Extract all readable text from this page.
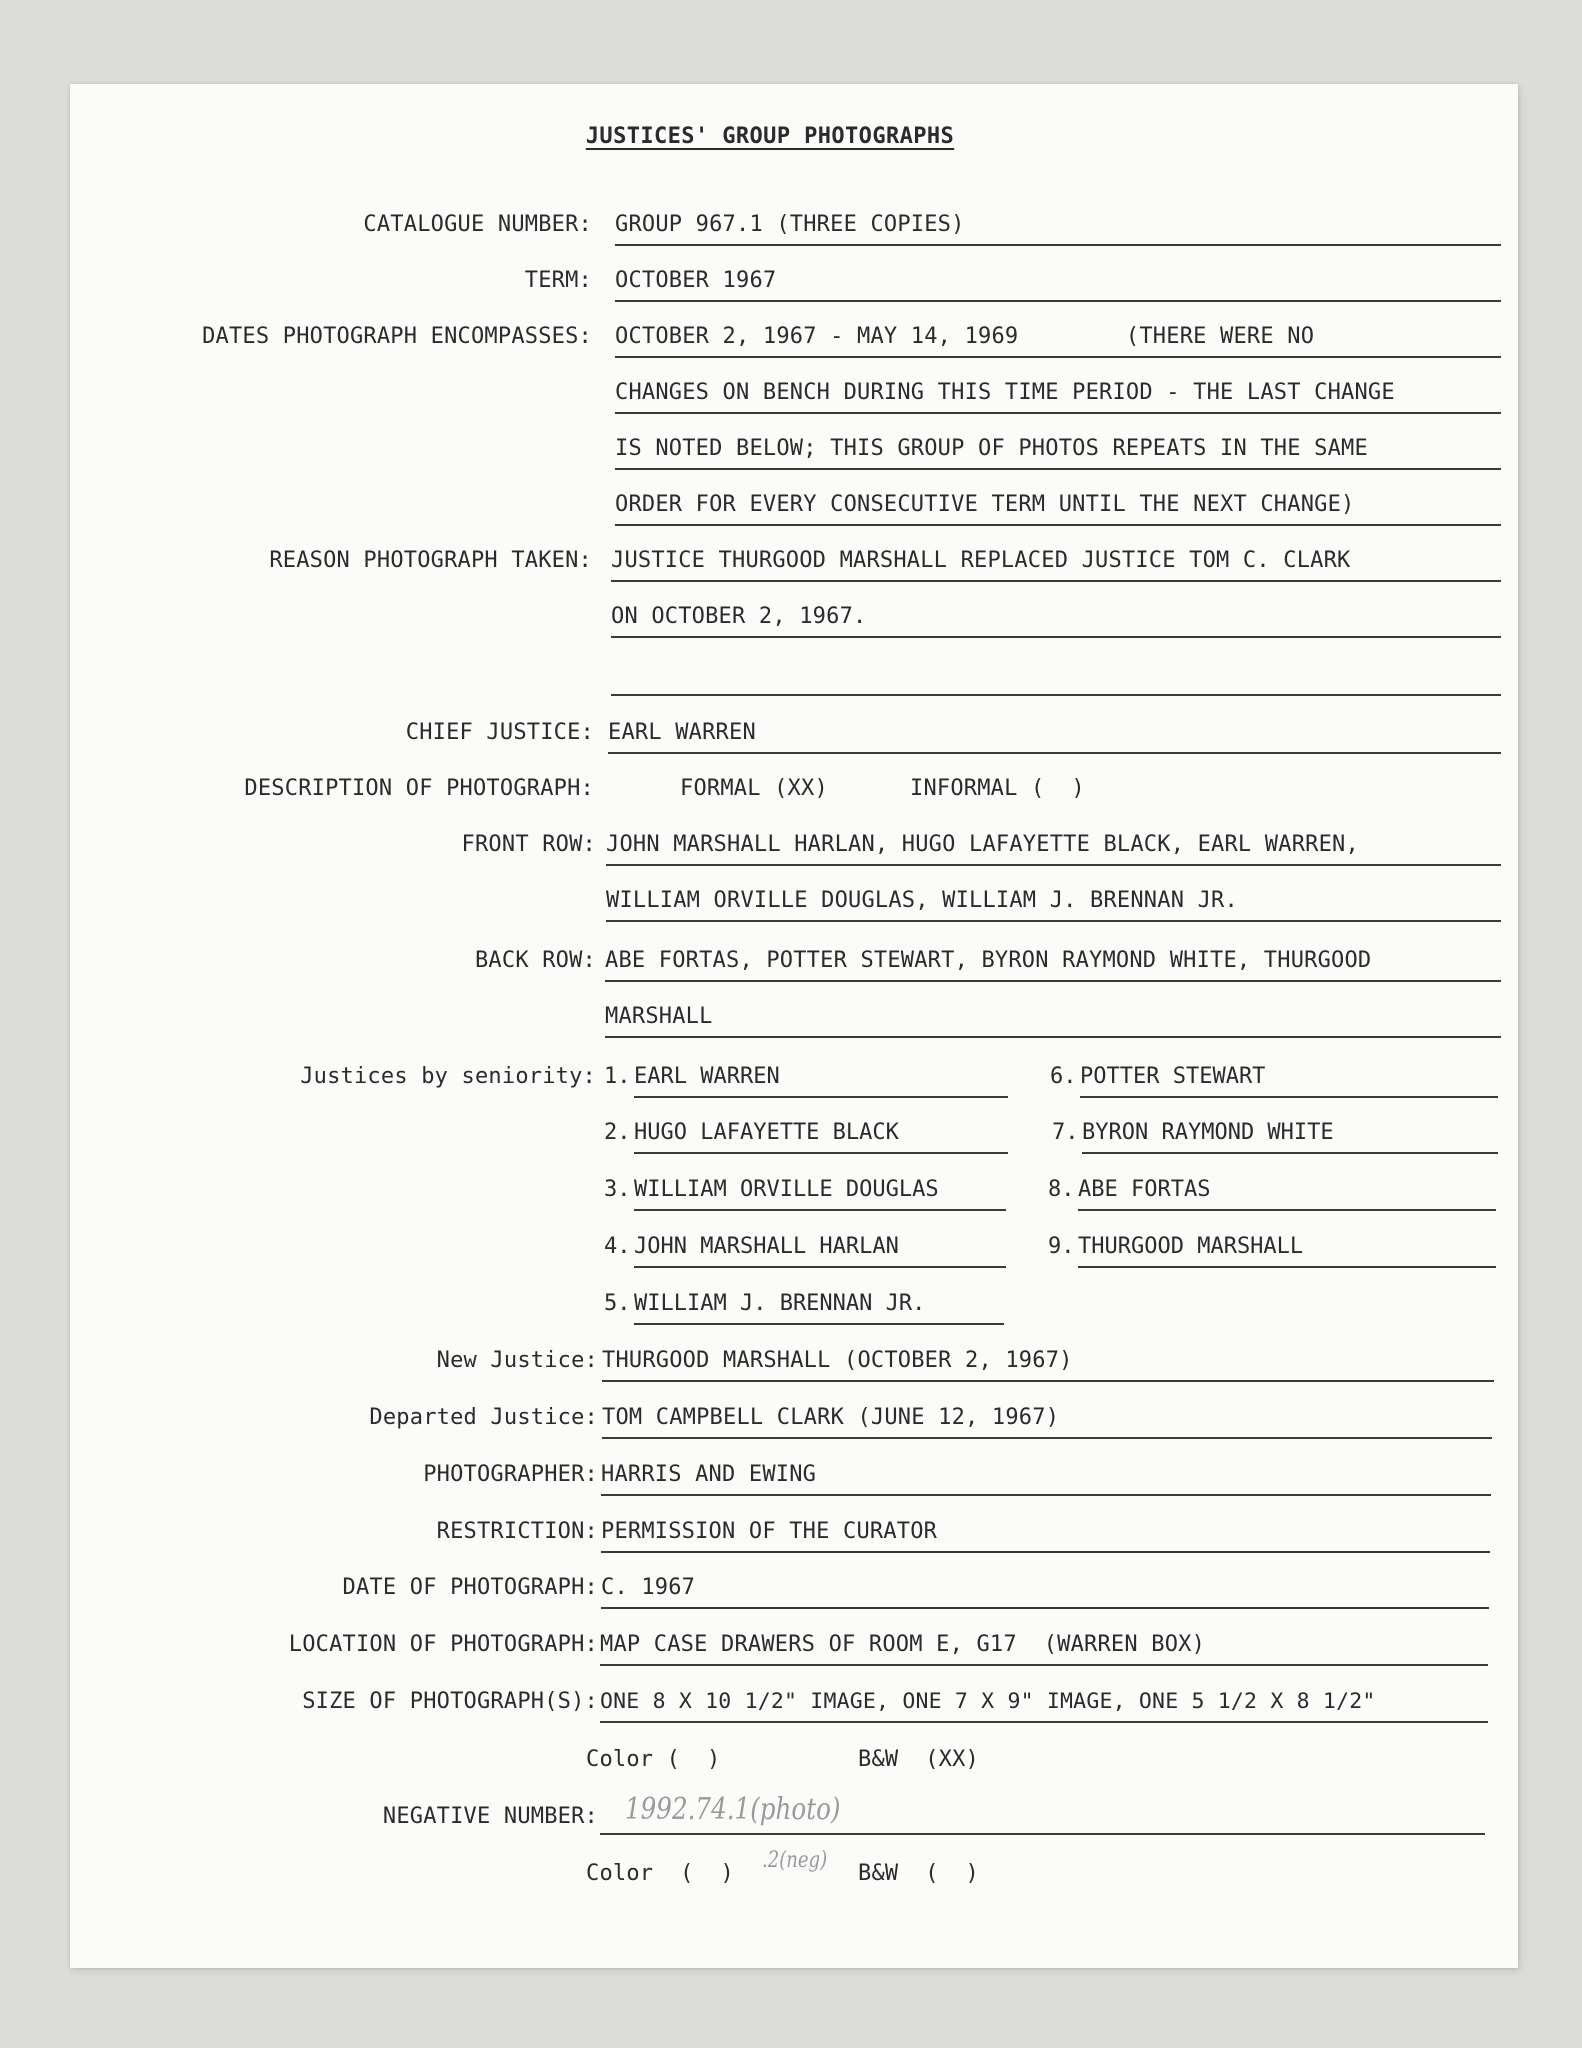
JUSTICES' GROUP PHOTOGRAPHS
CATALOGUE NUMBER: GROUP 967.1 (THREE COPIES)
TERM: OCTOBER 1967
DATES PHOTOGRAPH ENCOMPASSES: OCTOBER 2, 1967 - MAY 14, 1969        (THERE WERE NO
CHANGES ON BENCH DURING THIS TIME PERIOD - THE LAST CHANGE
IS NOTED BELOW; THIS GROUP OF PHOTOS REPEATS IN THE SAME
ORDER FOR EVERY CONSECUTIVE TERM UNTIL THE NEXT CHANGE)
REASON PHOTOGRAPH TAKEN: JUSTICE THURGOOD MARSHALL REPLACED JUSTICE TOM C. CLARK
ON OCTOBER 2, 1967.
CHIEF JUSTICE: EARL WARREN
DESCRIPTION OF PHOTOGRAPH:	FORMAL (XX)	INFORMAL (  )
FRONT ROW: JOHN MARSHALL HARLAN, HUGO LAFAYETTE BLACK, EARL WARREN,
WILLIAM ORVILLE DOUGLAS, WILLIAM J. BRENNAN JR.
BACK ROW: ABE FORTAS, POTTER STEWART, BYRON RAYMOND WHITE, THURGOOD
MARSHALL
Justices by seniority: 1. EARL WARREN
2. HUGO LAFAYETTE BLACK
3. WILLIAM ORVILLE DOUGLAS
4. JOHN MARSHALL HARLAN
5. WILLIAM J. BRENNAN JR.
6. POTTER STEWART
7. BYRON RAYMOND WHITE
8. ABE FORTAS
9. THURGOOD MARSHALL
New Justice: THURGOOD MARSHALL (OCTOBER 2, 1967)
Departed Justice: TOM CAMPBELL CLARK (JUNE 12, 1967)
PHOTOGRAPHER: HARRIS AND EWING
RESTRICTION: PERMISSION OF THE CURATOR
DATE OF PHOTOGRAPH: C. 1967
LOCATION OF PHOTOGRAPH: MAP CASE DRAWERS OF ROOM E, G17  (WARREN BOX)
SIZE OF PHOTOGRAPH(S): ONE 8 X 10 1/2" IMAGE, ONE 7 X 9" IMAGE, ONE 5 1/2 X 8 1/2"
Color (  )	B&W  (XX)
NEGATIVE NUMBER: 1992.74.1(photo)
.2(neg)
Color  (  )	B&W  (  )
